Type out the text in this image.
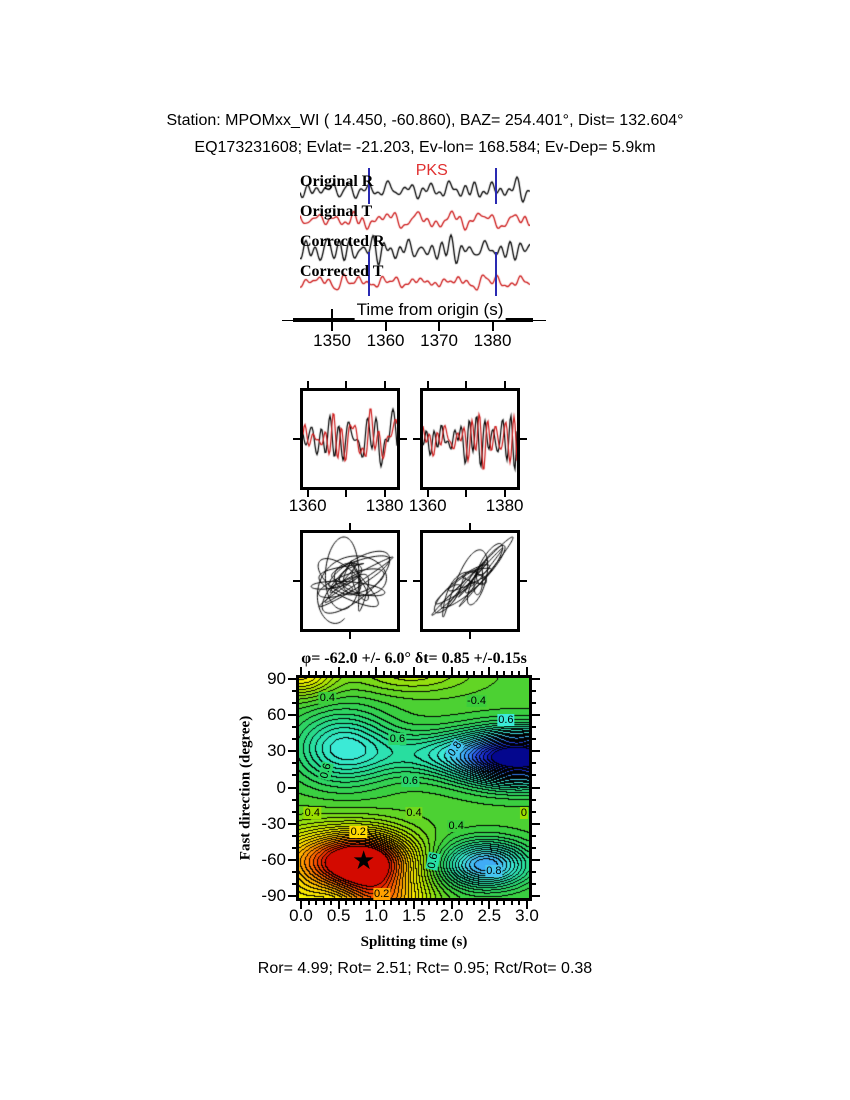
Station: MPOMxx_WI ( 14.450, -60.860), BAZ= 254.401°, Dist= 132.604°
EQ173231608; Evlat= -21.203, Ev-lon= 168.584; Ev-Dep= 5.9km
PKS
Original R
Original T
Corrected R
Corrected T
Time from origin (s)
1350 1360 1370 1380
1360 1380 1360 1380
φ= -62.0 +/- 6.0° δt= 0.85 +/-0.15s
★
0.0 0.5 1.0 1.5 2.0 2.5 3.0
90
60
30
0
-30
-60
-90
0.4	-0.4
0.6
0.6
0.6
0.8
0.6
0.4	0.4	0
0.2
0.4
0.6
0.8
0.2
Fast direction (degree)
Splitting time (s)
Ror= 4.99; Rot= 2.51; Rct= 0.95; Rct/Rot= 0.38
